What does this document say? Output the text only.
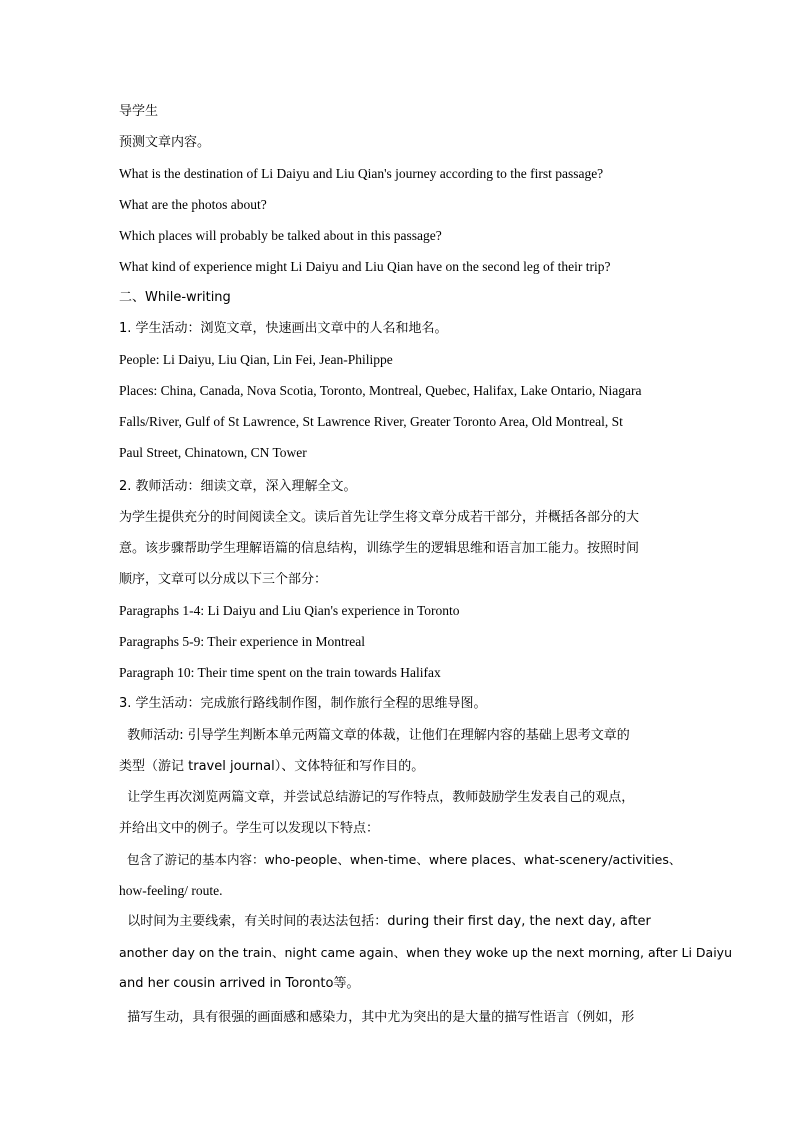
导学生
预测文章内容。
What is the destination of Li Daiyu and Liu Qian's journey according to the first passage?
What are the photos about?
Which places will probably be talked about in this passage?
What kind of experience might Li Daiyu and Liu Qian have on the second leg of their trip?
二、While-writing
1. 学生活动：浏览文章，快速画出文章中的人名和地名。
People: Li Daiyu, Liu Qian, Lin Fei, Jean-Philippe
Places: China, Canada, Nova Scotia, Toronto, Montreal, Quebec, Halifax, Lake Ontario, Niagara
Falls/River, Gulf of St Lawrence, St Lawrence River, Greater Toronto Area, Old Montreal, St
Paul Street, Chinatown, CN Tower
2. 教师活动：细读文章，深入理解全文。
为学生提供充分的时间阅读全文。读后首先让学生将文章分成若干部分，并概括各部分的大
意。该步骤帮助学生理解语篇的信息结构，训练学生的逻辑思维和语言加工能力。按照时间
顺序，文章可以分成以下三个部分：
Paragraphs 1-4: Li Daiyu and Liu Qian's experience in Toronto
Paragraphs 5-9: Their experience in Montreal
Paragraph 10: Their time spent on the train towards Halifax
3. 学生活动：完成旅行路线制作图，制作旅行全程的思维导图。
教师活动: 引导学生判断本单元两篇文章的体裁，让他们在理解内容的基础上思考文章的
类型（游记 travel journal）、文体特征和写作目的。
让学生再次浏览两篇文章，并尝试总结游记的写作特点，教师鼓励学生发表自己的观点，
并给出文中的例子。学生可以发现以下特点：
包含了游记的基本内容：who-people、when-time、where places、what-scenery/activities、
how-feeling/ route.
以时间为主要线索，有关时间的表达法包括：during their first day, the next day, after
another day on the train、night came again、when they woke up the next morning, after Li Daiyu
and her cousin arrived in Toronto等。
描写生动，具有很强的画面感和感染力，其中尤为突出的是大量的描写性语言（例如，形
